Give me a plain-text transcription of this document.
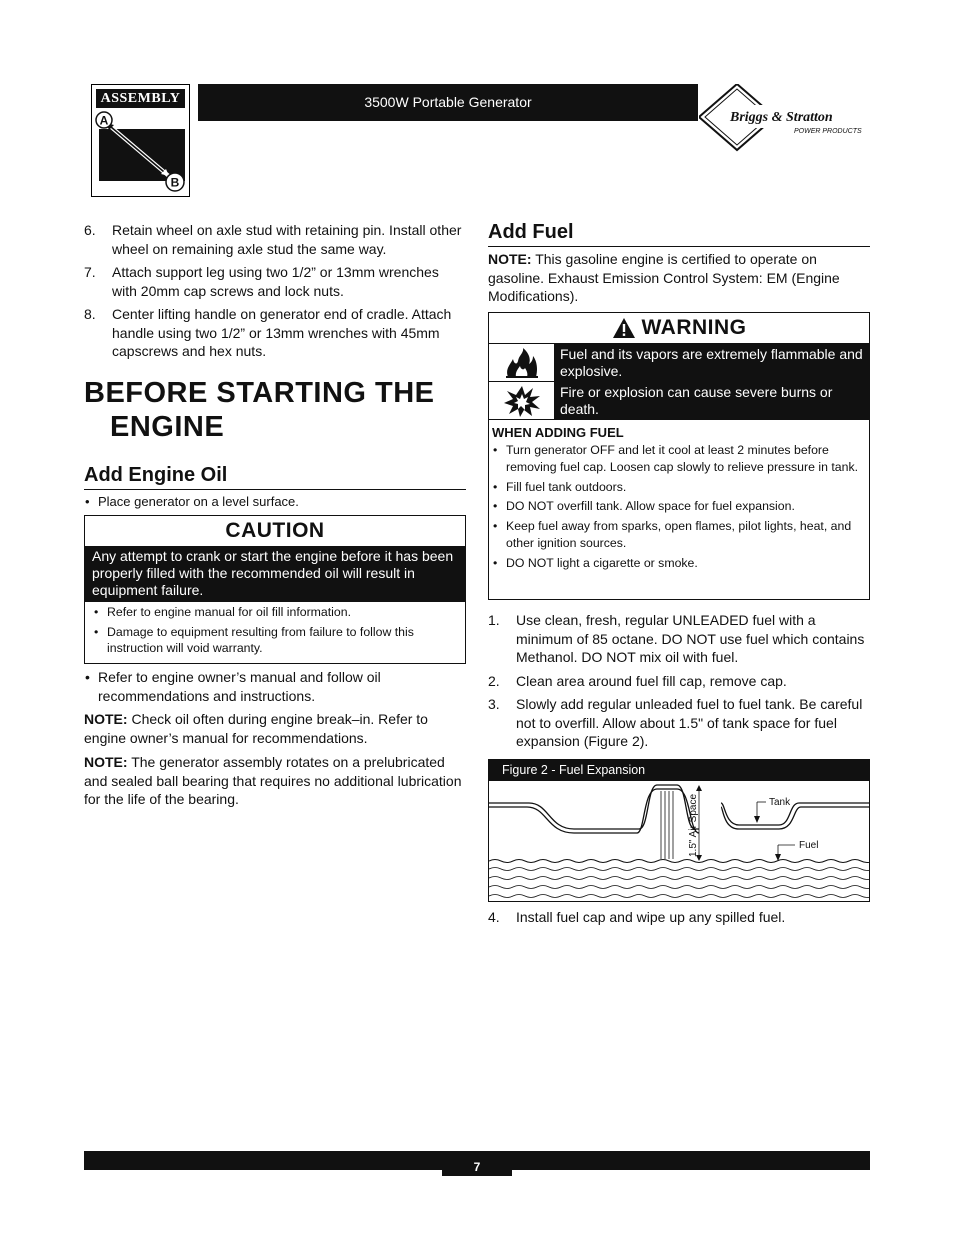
ASSEMBLY
A
B
3500W Portable Generator
Briggs & Stratton
POWER PRODUCTS
6. Retain wheel on axle stud with retaining pin. Install other wheel on remaining axle stud the same way.
7. Attach support leg using two 1/2” or 13mm wrenches with 20mm cap screws and lock nuts.
8. Center lifting handle on generator end of cradle. Attach handle using two 1/2” or 13mm wrenches with 45mm capscrews and hex nuts.
BEFORE STARTING THE
ENGINE
Add Engine Oil
• Place generator on a level surface.
CAUTION
Any attempt to crank or start the engine before it has been properly filled with the recommended oil will result in equipment failure.
• Refer to engine manual for oil fill information.
• Damage to equipment resulting from failure to follow this instruction will void warranty.
• Refer to engine owner’s manual and follow oil recommendations and instructions.
NOTE: Check oil often during engine break–in. Refer to engine owner’s manual for recommendations.
NOTE: The generator assembly rotates on a prelubricated and sealed ball bearing that requires no additional lubrication for the life of the bearing.
Add Fuel
NOTE: This gasoline engine is certified to operate on gasoline. Exhaust Emission Control System: EM (Engine Modifications).
WARNING
Fuel and its vapors are extremely flammable and explosive.
Fire or explosion can cause severe burns or death.
WHEN ADDING FUEL
• Turn generator OFF and let it cool at least 2 minutes before removing fuel cap. Loosen cap slowly to relieve pressure in tank.
• Fill fuel tank outdoors.
• DO NOT overfill tank. Allow space for fuel expansion.
• Keep fuel away from sparks, open flames, pilot lights, heat, and other ignition sources.
• DO NOT light a cigarette or smoke.
1. Use clean, fresh, regular UNLEADED fuel with a minimum of 85 octane. DO NOT use fuel which contains Methanol. DO NOT mix oil with fuel.
2. Clean area around fuel fill cap, remove cap.
3. Slowly add regular unleaded fuel to fuel tank. Be careful not to overfill. Allow about 1.5" of tank space for fuel expansion (Figure 2).
Figure 2 - Fuel Expansion
1.5" Air Space	Tank
Fuel
4. Install fuel cap and wipe up any spilled fuel.
7
